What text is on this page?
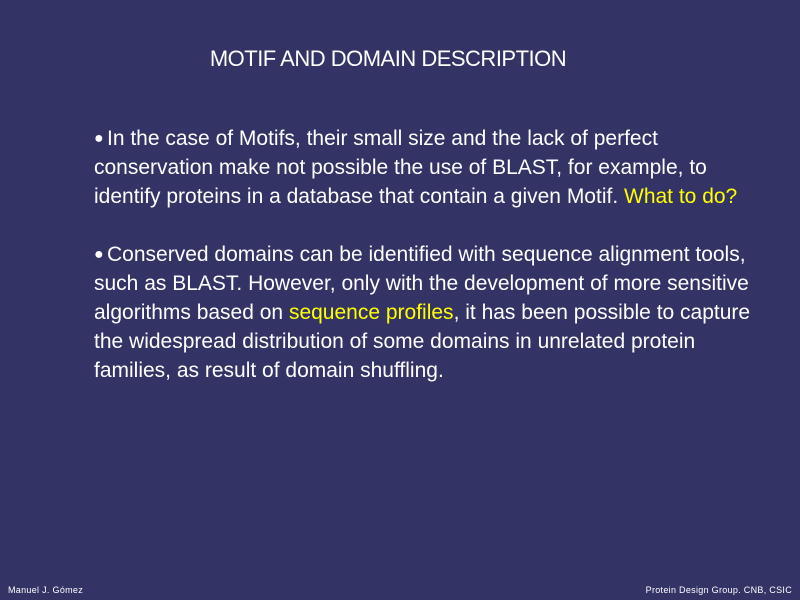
MOTIF AND DOMAIN DESCRIPTION

● In the case of Motifs, their small size and the lack of perfect conservation make not possible the use of BLAST, for example, to identify proteins in a database that contain a given Motif. What to do?

● Conserved domains can be identified with sequence alignment tools, such as BLAST. However, only with the development of more sensitive algorithms based on sequence profiles, it has been possible to capture the widespread distribution of some domains in unrelated protein families, as result of domain shuffling.

Manuel J. Gómez	Protein Design Group. CNB, CSIC
